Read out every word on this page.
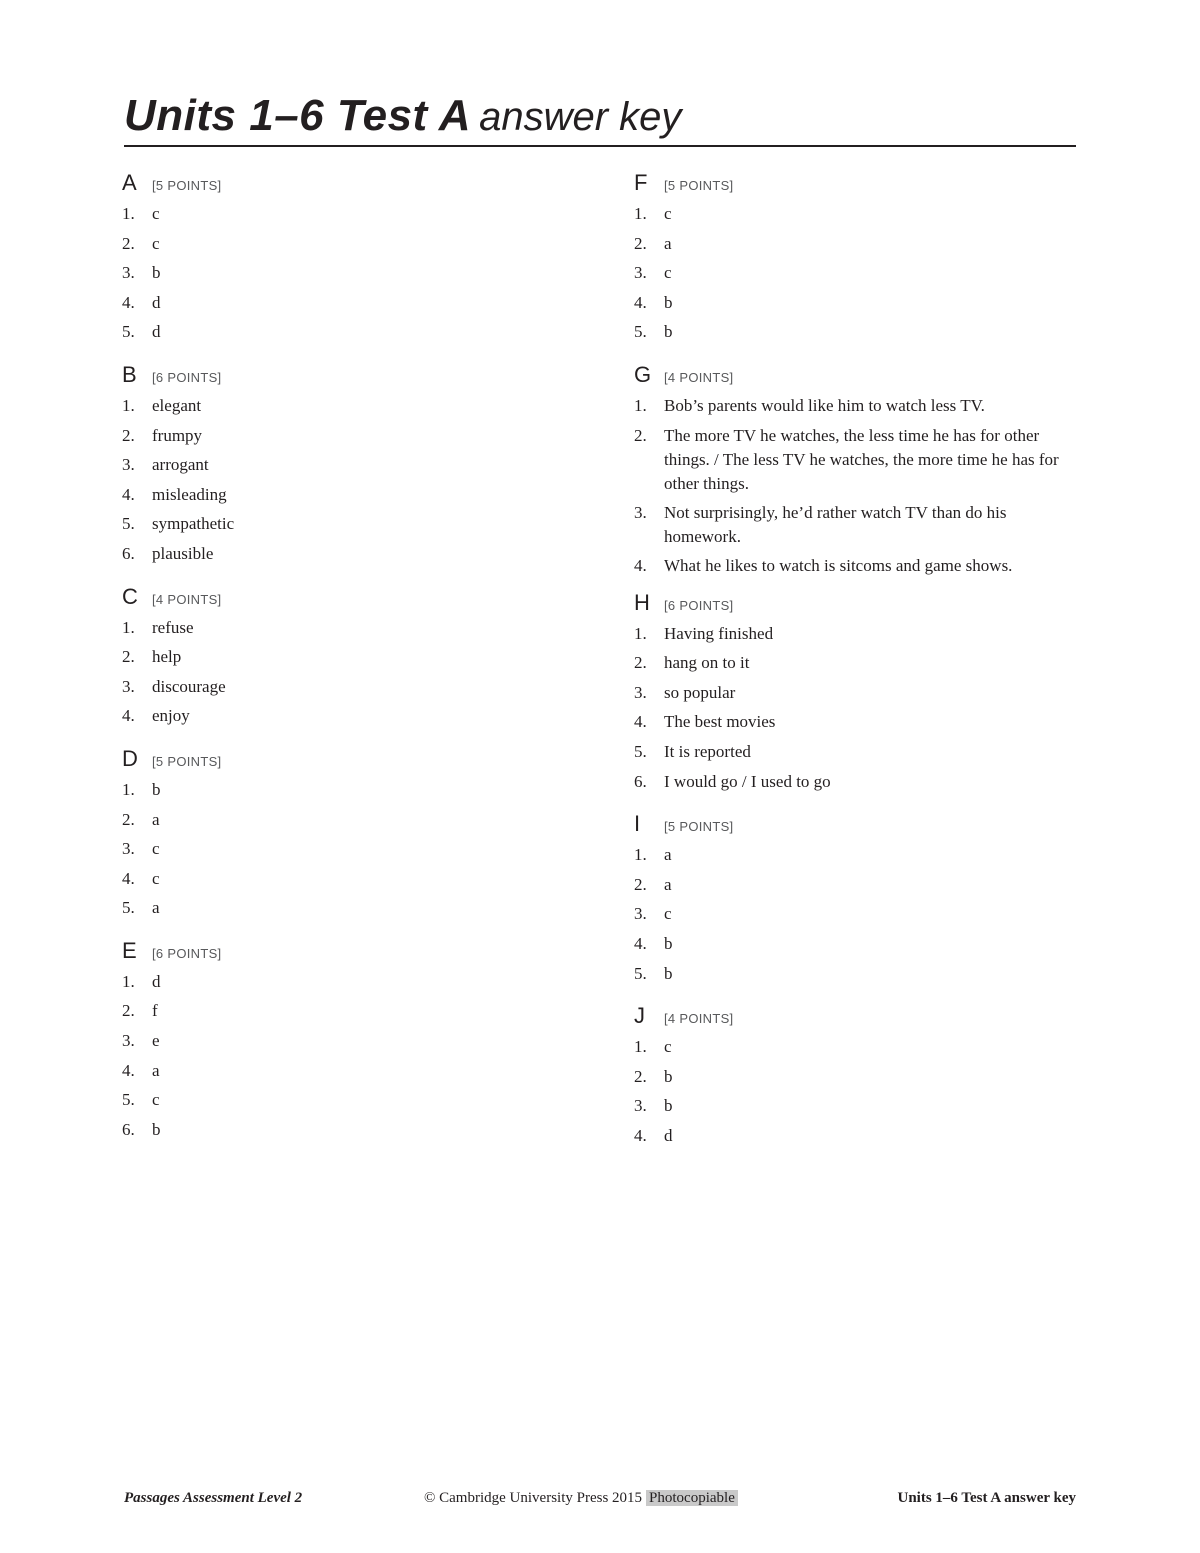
Units 1–6 Test A answer key
A	[5 POINTS]
1.	c
2.	c
3.	b
4.	d
5.	d
B	[6 POINTS]
1.	elegant
2.	frumpy
3.	arrogant
4.	misleading
5.	sympathetic
6.	plausible
C	[4 POINTS]
1.	refuse
2.	help
3.	discourage
4.	enjoy
D	[5 POINTS]
1.	b
2.	a
3.	c
4.	c
5.	a
E	[6 POINTS]
1.	d
2.	f
3.	e
4.	a
5.	c
6.	b
F	[5 POINTS]
1.	c
2.	a
3.	c
4.	b
5.	b
G [4 POINTS]
1.	Bob’s parents would like him to watch less TV.
2.	The more TV he watches, the less time he has for other things. / The less TV he watches, the more time he has for other things.
3.	Not surprisingly, he’d rather watch TV than do his homework.
4.	What he likes to watch is sitcoms and game shows.
H	[6 POINTS]
1.	Having finished
2.	hang on to it
3.	so popular
4.	The best movies
5.	It is reported
6.	I would go / I used to go
I	[5 POINTS]
1.	a
2.	a
3.	c
4.	b
5.	b
J	[4 POINTS]
1.	c
2.	b
3.	b
4.	d
Passages Assessment Level 2	© Cambridge University Press 2015 Photocopiable	Units 1–6 Test A answer key
